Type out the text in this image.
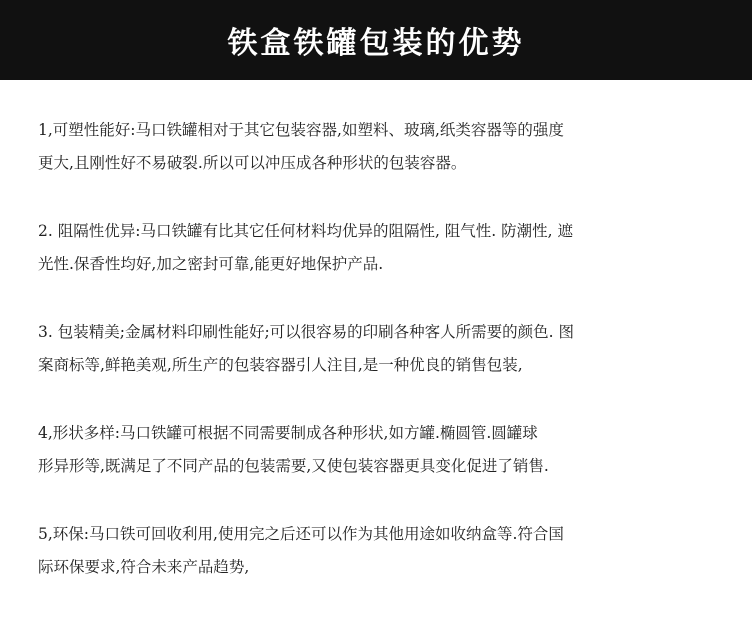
铁盒铁罐包装的优势

1,可塑性能好:马口铁罐相对于其它包装容器,如塑料、玻璃,纸类容器等的强度
更大,且刚性好不易破裂.所以可以冲压成各种形状的包装容器。

2. 阻隔性优异:马口铁罐有比其它任何材料均优异的阻隔性, 阻气性. 防潮性, 遮
光性.保香性均好,加之密封可靠,能更好地保护产品.

3. 包装精美;金属材料印刷性能好;可以很容易的印刷各种客人所需要的颜色. 图
案商标等,鲜艳美观,所生产的包装容器引人注目,是一种优良的销售包装,

4,形状多样:马口铁罐可根据不同需要制成各种形状,如方罐.椭圆管.圆罐球
形异形等,既满足了不同产品的包装需要,又使包装容器更具变化促进了销售.

5,环保:马口铁可回收利用,使用完之后还可以作为其他用途如收纳盒等.符合国
际环保要求,符合未来产品趋势,
